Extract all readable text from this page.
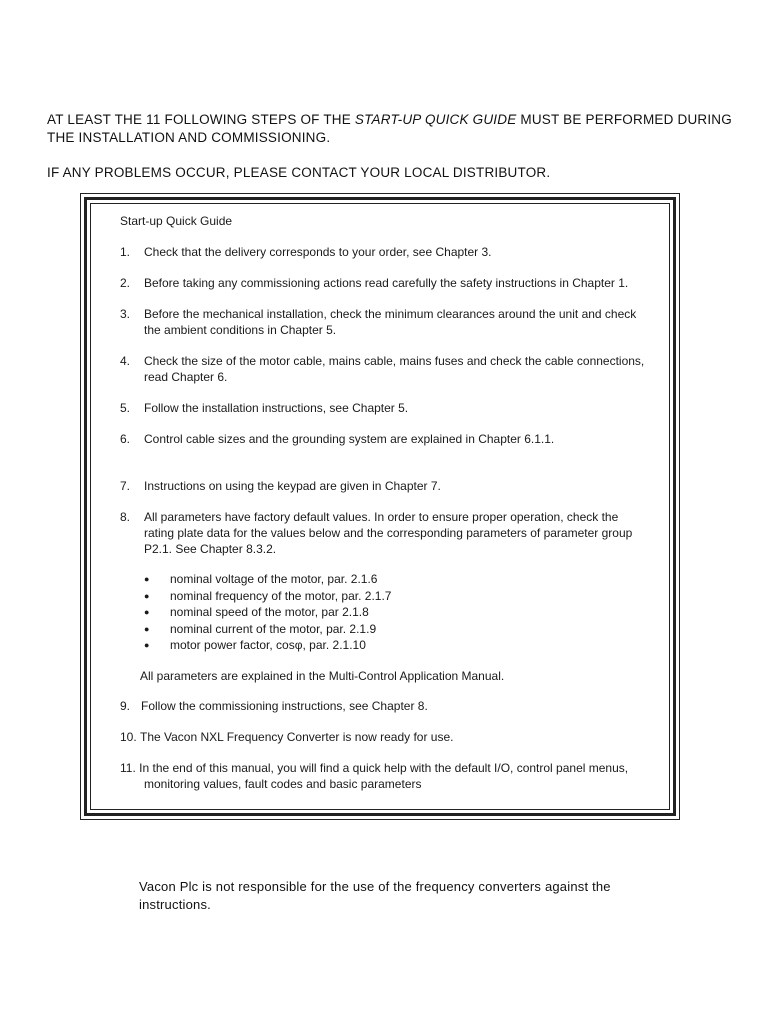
AT LEAST THE 11 FOLLOWING STEPS OF THE START-UP QUICK GUIDE MUST BE PERFORMED DURING THE INSTALLATION AND COMMISSIONING.

IF ANY PROBLEMS OCCUR, PLEASE CONTACT YOUR LOCAL DISTRIBUTOR.

Start-up Quick Guide
1.	Check that the delivery corresponds to your order, see Chapter 3.
2.	Before taking any commissioning actions read carefully the safety instructions in Chapter 1.
3.	Before the mechanical installation, check the minimum clearances around the unit and check the ambient conditions in Chapter 5.
4.	Check the size of the motor cable, mains cable, mains fuses and check the cable connections, read Chapter 6.
5.	Follow the installation instructions, see Chapter 5.
6.	Control cable sizes and the grounding system are explained in Chapter 6.1.1.
7.	Instructions on using the keypad are given in Chapter 7.
8.	All parameters have factory default values. In order to ensure proper operation, check the rating plate data for the values below and the corresponding parameters of parameter group P2.1. See Chapter 8.3.2.
●	nominal voltage of the motor, par. 2.1.6
●	nominal frequency of the motor, par. 2.1.7
●	nominal speed of the motor, par 2.1.8
●	nominal current of the motor, par. 2.1.9
●	motor power factor, cosφ, par. 2.1.10
All parameters are explained in the Multi-Control Application Manual.
9. Follow the commissioning instructions, see Chapter 8.
10. The Vacon NXL Frequency Converter is now ready for use.
11. In the end of this manual, you will find a quick help with the default I/O, control panel menus, monitoring values, fault codes and basic parameters
Vacon Plc is not responsible for the use of the frequency converters against the instructions.
